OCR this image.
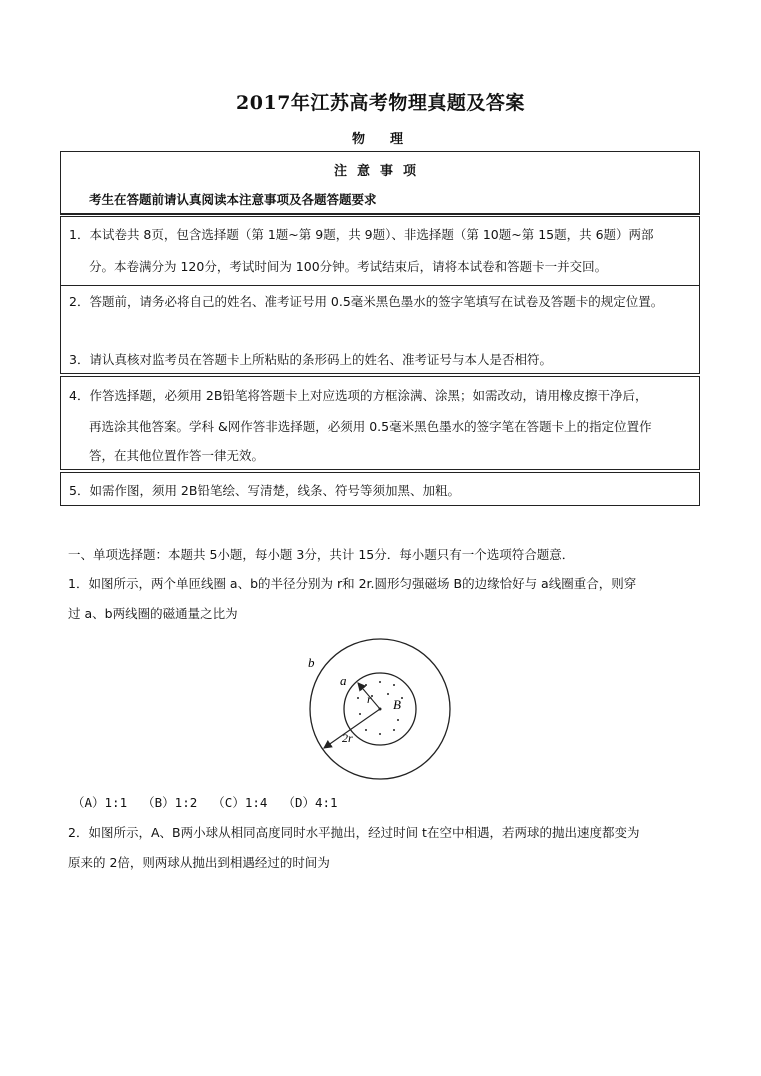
2017年江苏高考物理真题及答案
物　理
注意事项
考生在答题前请认真阅读本注意事项及各题答题要求
1．本试卷共 8页，包含选择题（第 1题~第 9题，共 9题）、非选择题（第 10题~第 15题，共 6题）两部
分。本卷满分为 120分，考试时间为 100分钟。考试结束后，请将本试卷和答题卡一并交回。
2．答题前，请务必将自己的姓名、准考证号用 0.5毫米黑色墨水的签字笔填写在试卷及答题卡的规定位置。
3．请认真核对监考员在答题卡上所粘贴的条形码上的姓名、准考证号与本人是否相符。
4．作答选择题，必须用 2B铅笔将答题卡上对应选项的方框涂满、涂黑；如需改动，请用橡皮擦干净后，
再选涂其他答案。学科 &网作答非选择题，必须用 0.5毫米黑色墨水的签字笔在答题卡上的指定位置作
答，在其他位置作答一律无效。
5．如需作图，须用 2B铅笔绘、写清楚，线条、符号等须加黑、加粗。
一、单项选择题：本题共 5小题，每小题 3分，共计 15分．每小题只有一个选项符合题意．
1．如图所示，两个单匝线圈 a、b的半径分别为 r和 2r.圆形匀强磁场 B的边缘恰好与 a线圈重合，则穿
过 a、b两线圈的磁通量之比为
b
a
r B
2r
（A）1:1  （B）1:2  （C）1:4  （D）4:1
2．如图所示，A、B两小球从相同高度同时水平抛出，经过时间 t在空中相遇，若两球的抛出速度都变为
原来的 2倍，则两球从抛出到相遇经过的时间为
